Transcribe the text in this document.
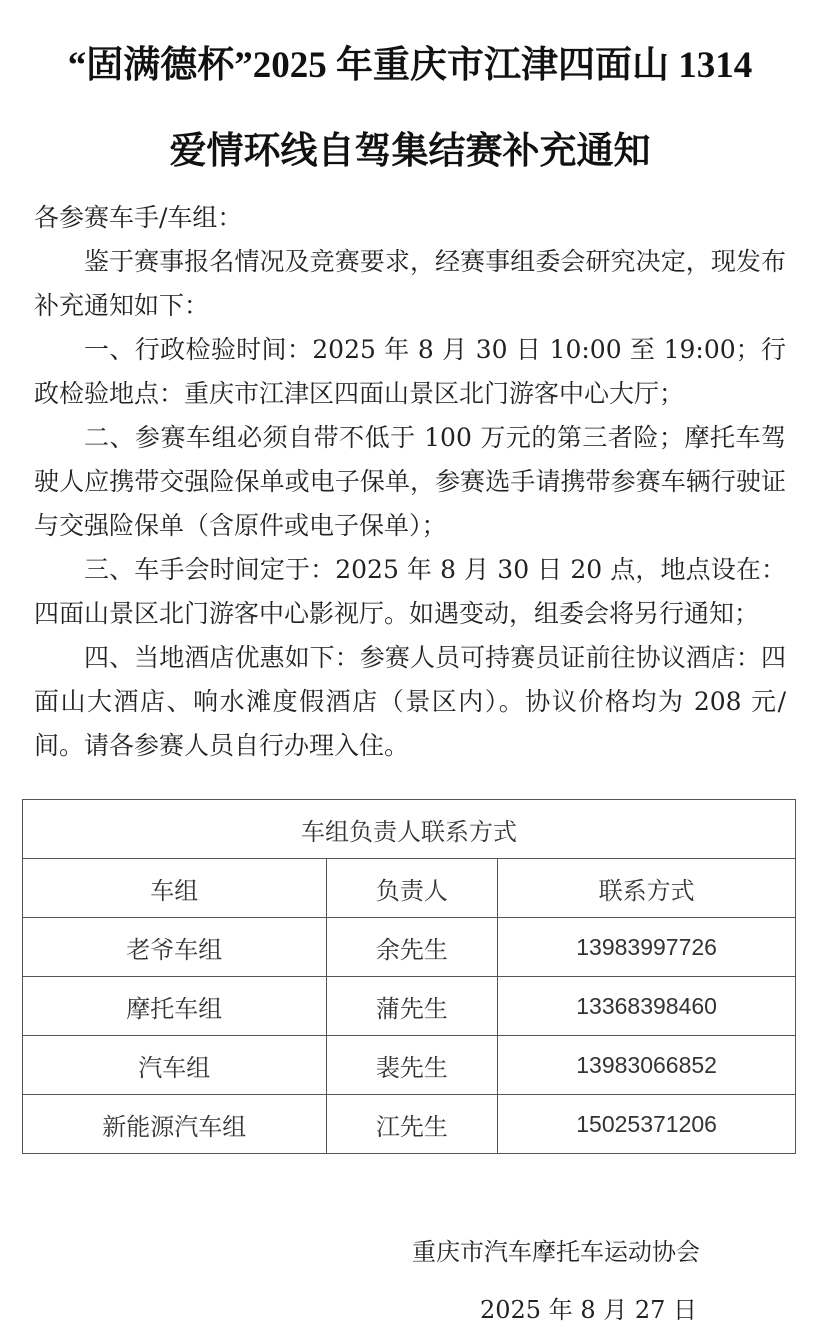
“固满德杯”2025 年重庆市江津四面山 1314
爱情环线自驾集结赛补充通知
各参赛车手/车组：

鉴于赛事报名情况及竞赛要求，经赛事组委会研究决定，现发布补充通知如下：

一、行政检验时间：2025 年 8 月 30 日 10:00 至 19:00；行政检验地点：重庆市江津区四面山景区北门游客中心大厅；

二、参赛车组必须自带不低于 100 万元的第三者险；摩托车驾驶人应携带交强险保单或电子保单，参赛选手请携带参赛车辆行驶证与交强险保单（含原件或电子保单）；

三、车手会时间定于：2025 年 8 月 30 日 20 点，地点设在：四面山景区北门游客中心影视厅。如遇变动，组委会将另行通知；

四、当地酒店优惠如下：参赛人员可持赛员证前往协议酒店：四面山大酒店、响水滩度假酒店（景区内）。协议价格均为 208 元/间。请各参赛人员自行办理入住。

车组负责人联系方式		
车组	负责人	联系方式
老爷车组	余先生	13983997726
摩托车组	蒲先生	13368398460
汽车组	裴先生	13983066852
新能源汽车组	江先生	15025371206
重庆市汽车摩托车运动协会
2025 年 8 月 27 日
